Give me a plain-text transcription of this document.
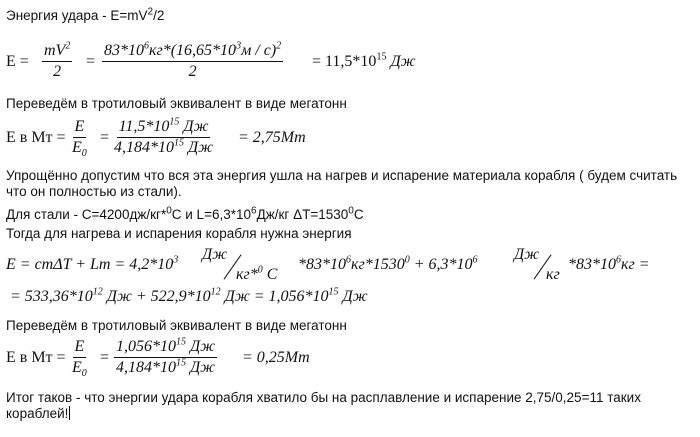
Энергия удара - $E=mV^2/2$
$E = \frac{mV^2}{2}$ =
$83*10^6кг*(16,65*10^3м / с)^2$
2
= $11,5*10^{15}$ Дж
Переведём в тротиловый эквивалент в виде мегатонн
E в Мт = $\frac{E}{E_0}$ =
$11,5*10^{15}$ Дж
$4,184*10^{15}$ Дж
= 2,75Мт
Упрощённо допустим что вся эта энергия ушла на нагрев и испарение материала корабля ( будем считать что он полностью из стали).
Для стали - C=4200дж/кг*$^0$С и $L=6,3*10^6Дж/кг$ $\Delta T=1530^0С$
Тогда для нагрева и испарения корабля нужна энергия
$E = cm\Delta T + Lm = 4,2*10^3$ Дж
кг*$^0$ С
$*83*10^6кг*1530^0 + 6,3*10^6$ Дж
кг
$*83*10^6кг$ =
= $533,36*10^{12}$ Дж + $522,9*10^{12}$ Дж = $1,056*10^{15}$ Дж
Переведём в тротиловый эквивалент в виде мегатонн
E в Мт = $\frac{E}{E_0}$ =
$1,056*10^{15}$ Дж
$4,184*10^{15}$ Дж
= 0,25Мт
Итог таков - что энергии удара корабля хватило бы на расплавление и испарение 2,75/0,25=11 таких кораблей!
